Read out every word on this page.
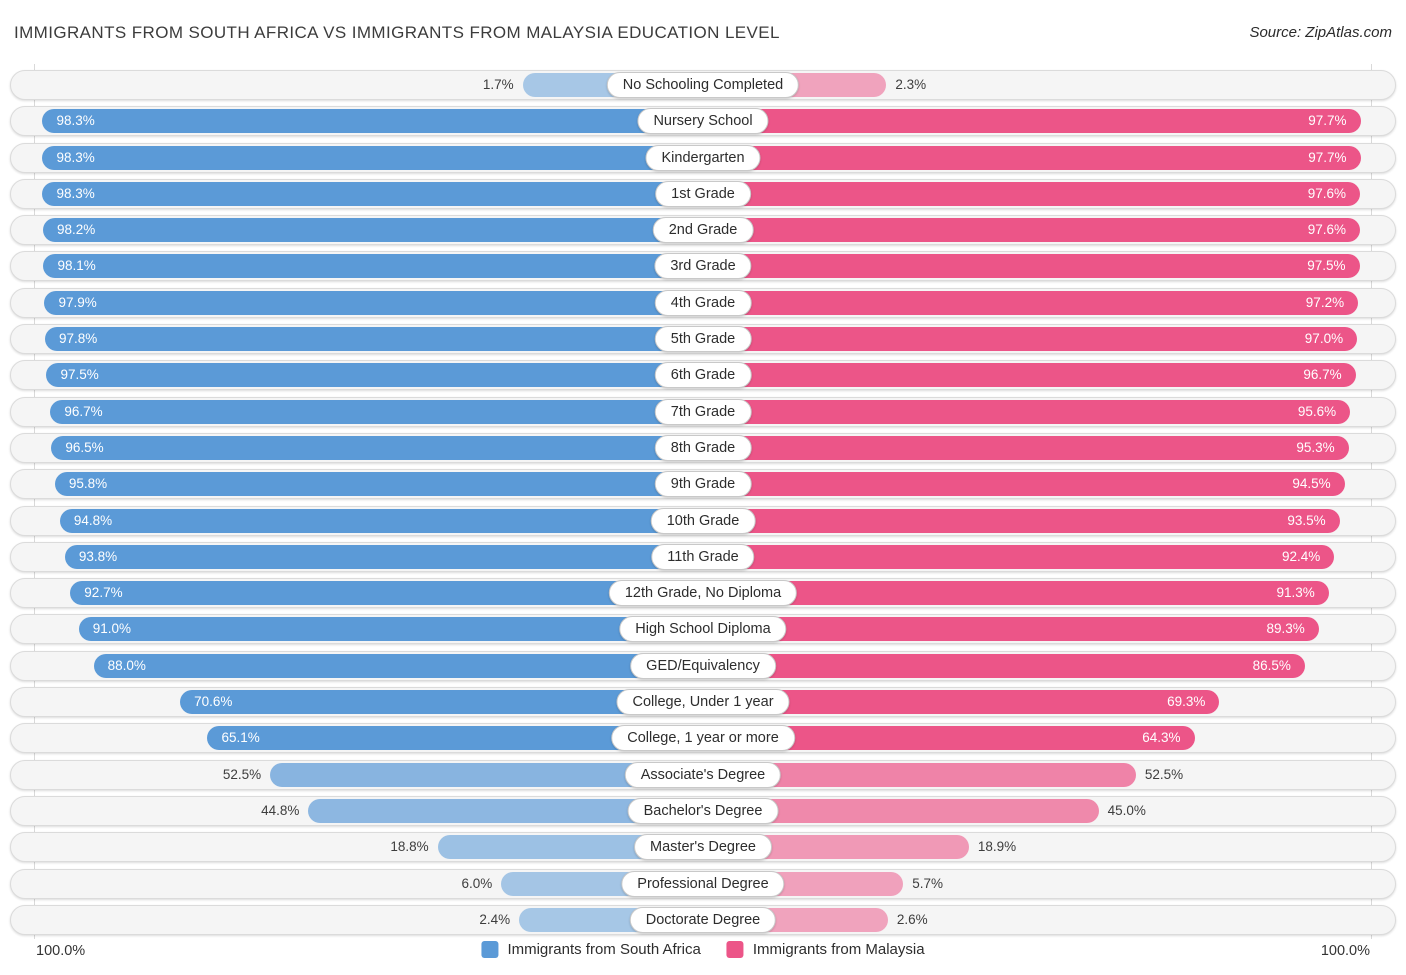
IMMIGRANTS FROM SOUTH AFRICA VS IMMIGRANTS FROM MALAYSIA EDUCATION LEVEL	Source: ZipAtlas.com
1.7%	2.3%
No Schooling Completed
98.3%	97.7%
Nursery School
98.3%	97.7%
Kindergarten
98.3%	97.6%
1st Grade
98.2%	97.6%
2nd Grade
98.1%	97.5%
3rd Grade
97.9%	97.2%
4th Grade
97.8%	97.0%
5th Grade
97.5%	96.7%
6th Grade
96.7%	95.6%
7th Grade
96.5%	95.3%
8th Grade
95.8%	94.5%
9th Grade
94.8%	93.5%
10th Grade
93.8%	92.4%
11th Grade
92.7%	91.3%
12th Grade, No Diploma
91.0%	89.3%
High School Diploma
88.0%	86.5%
GED/Equivalency
70.6%	69.3%
College, Under 1 year
65.1%	64.3%
College, 1 year or more
52.5%	52.5%
Associate's Degree
44.8%	45.0%
Bachelor's Degree
18.8%	18.9%
Master's Degree
6.0%	5.7%
Professional Degree
2.4%	2.6%
Doctorate Degree
100.0%	100.0%
Immigrants from South Africa	Immigrants from Malaysia
